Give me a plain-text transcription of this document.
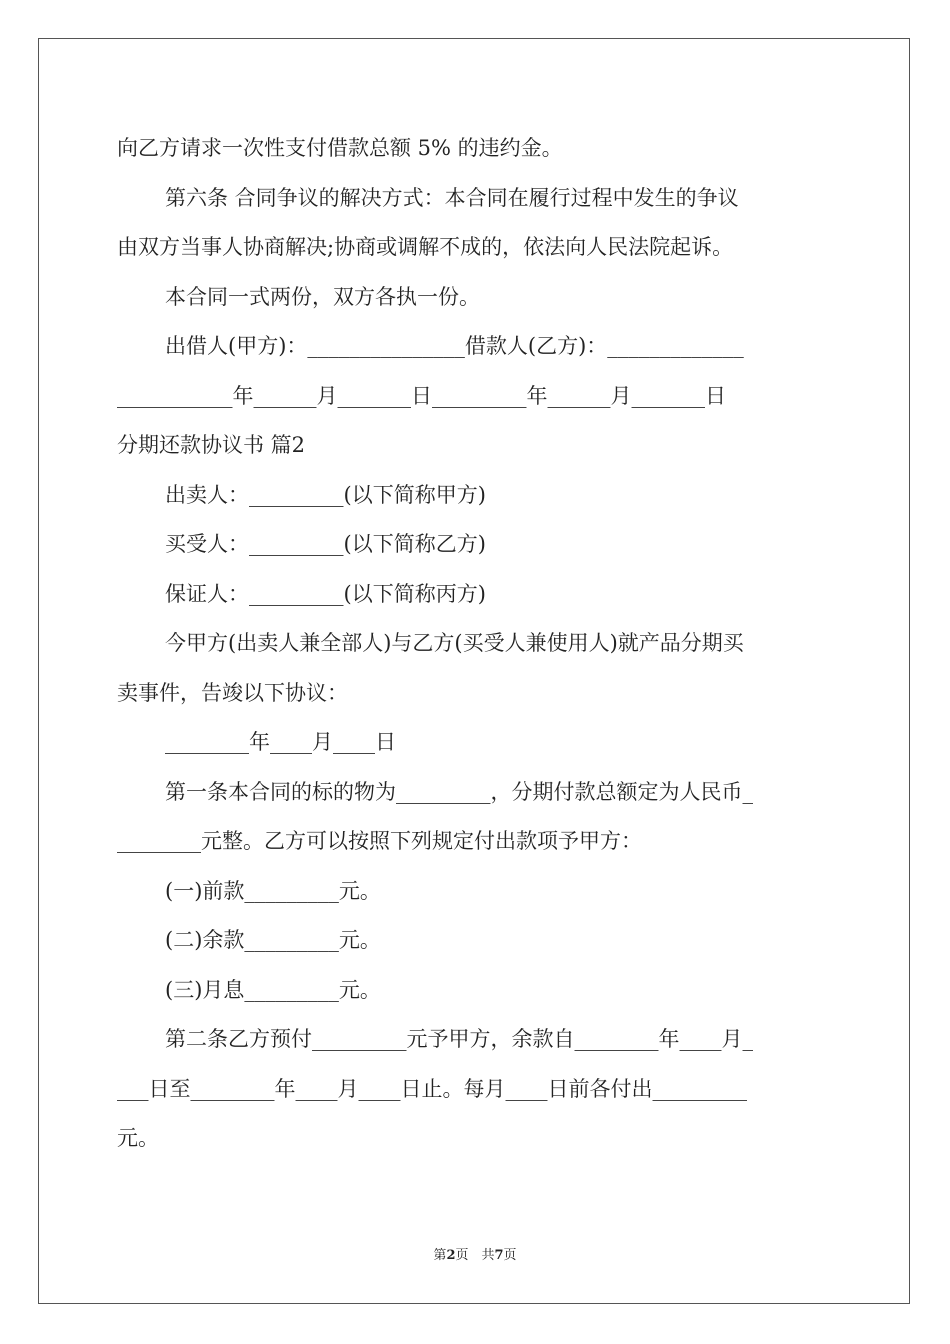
向乙方请求一次性支付借款总额 5% 的违约金。

第六条 合同争议的解决方式：本合同在履行过程中发生的争议

由双方当事人协商解决;协商或调解不成的，依法向人民法院起诉。

本合同一式两份，双方各执一份。

出借人(甲方)：_______________借款人(乙方)：_____________

___________年______月_______日_________年______月_______日

分期还款协议书 篇2

出卖人：_________(以下简称甲方)

买受人：_________(以下简称乙方)

保证人：_________(以下简称丙方)

今甲方(出卖人兼全部人)与乙方(买受人兼使用人)就产品分期买

卖事件，告竣以下协议：

________年____月____日

第一条本合同的标的物为_________，分期付款总额定为人民币_

________元整。乙方可以按照下列规定付出款项予甲方：

(一)前款_________元。

(二)余款_________元。

(三)月息_________元。

第二条乙方预付_________元予甲方，余款自________年____月_

___日至________年____月____日止。每月____日前各付出_________

元。

第2页　共7页
